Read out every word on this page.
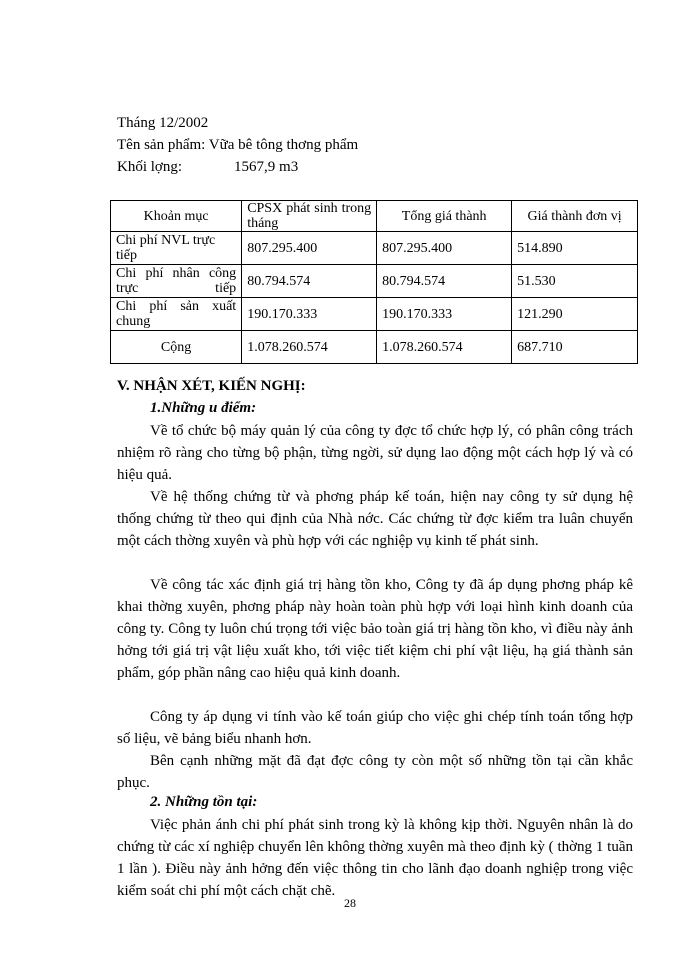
Tháng 12/2002
Tên sản phẩm: Vữa bê tông thơng phẩm
Khối lợng:	1567,9 m3
Khoản mục	CPSX phát sinh trong tháng	Tổng giá thành	Giá thành đơn vị

Chi phí NVL trực tiếp	807.295.400	807.295.400	514.890

Chi phí nhân công trực tiếp	80.794.574	80.794.574	51.530

Chi phí sản xuất chung	190.170.333	190.170.333	121.290
Cộng	1.078.260.574	1.078.260.574	687.710
V. NHẬN XÉT, KIẾN NGHỊ:
1.Những u điểm:

Về tổ chức bộ máy quản lý của công ty đợc tổ chức hợp lý, có phân công trách nhiệm rõ ràng cho từng bộ phận, từng ngời, sử dụng lao động một cách hợp lý và có hiệu quả.

Về hệ thống chứng từ và phơng pháp kế toán, hiện nay công ty sử dụng hệ thống chứng từ theo qui định của Nhà nớc. Các chứng từ đợc kiểm tra luân chuyển một cách thờng xuyên và phù hợp với các nghiệp vụ kinh tế phát sinh.

Về công tác xác định giá trị hàng tồn kho, Công ty đã áp dụng phơng pháp kê khai thờng xuyên, phơng pháp này hoàn toàn phù hợp với loại hình kinh doanh của công ty. Công ty luôn chú trọng tới việc bảo toàn giá trị hàng tồn kho, vì điều này ảnh hởng tới giá trị vật liệu xuất kho, tới việc tiết kiệm chi phí vật liệu, hạ giá thành sản phẩm, góp phần nâng cao hiệu quả kinh doanh.

Công ty áp dụng vi tính vào kế toán giúp cho việc ghi chép tính toán tổng hợp số liệu, vẽ bảng biểu nhanh hơn.

Bên cạnh những mặt đã đạt đợc công ty còn một số những tồn tại cần khắc phục.

2. Những tồn tại:

Việc phản ánh chi phí phát sinh trong kỳ là không kịp thời. Nguyên nhân là do chứng từ các xí nghiệp chuyển lên không thờng xuyên mà theo định kỳ ( thờng 1 tuần 1 lần ). Điều này ảnh hởng đến việc thông tin cho lãnh đạo doanh nghiệp trong việc kiểm soát chi phí một cách chặt chẽ.

28
